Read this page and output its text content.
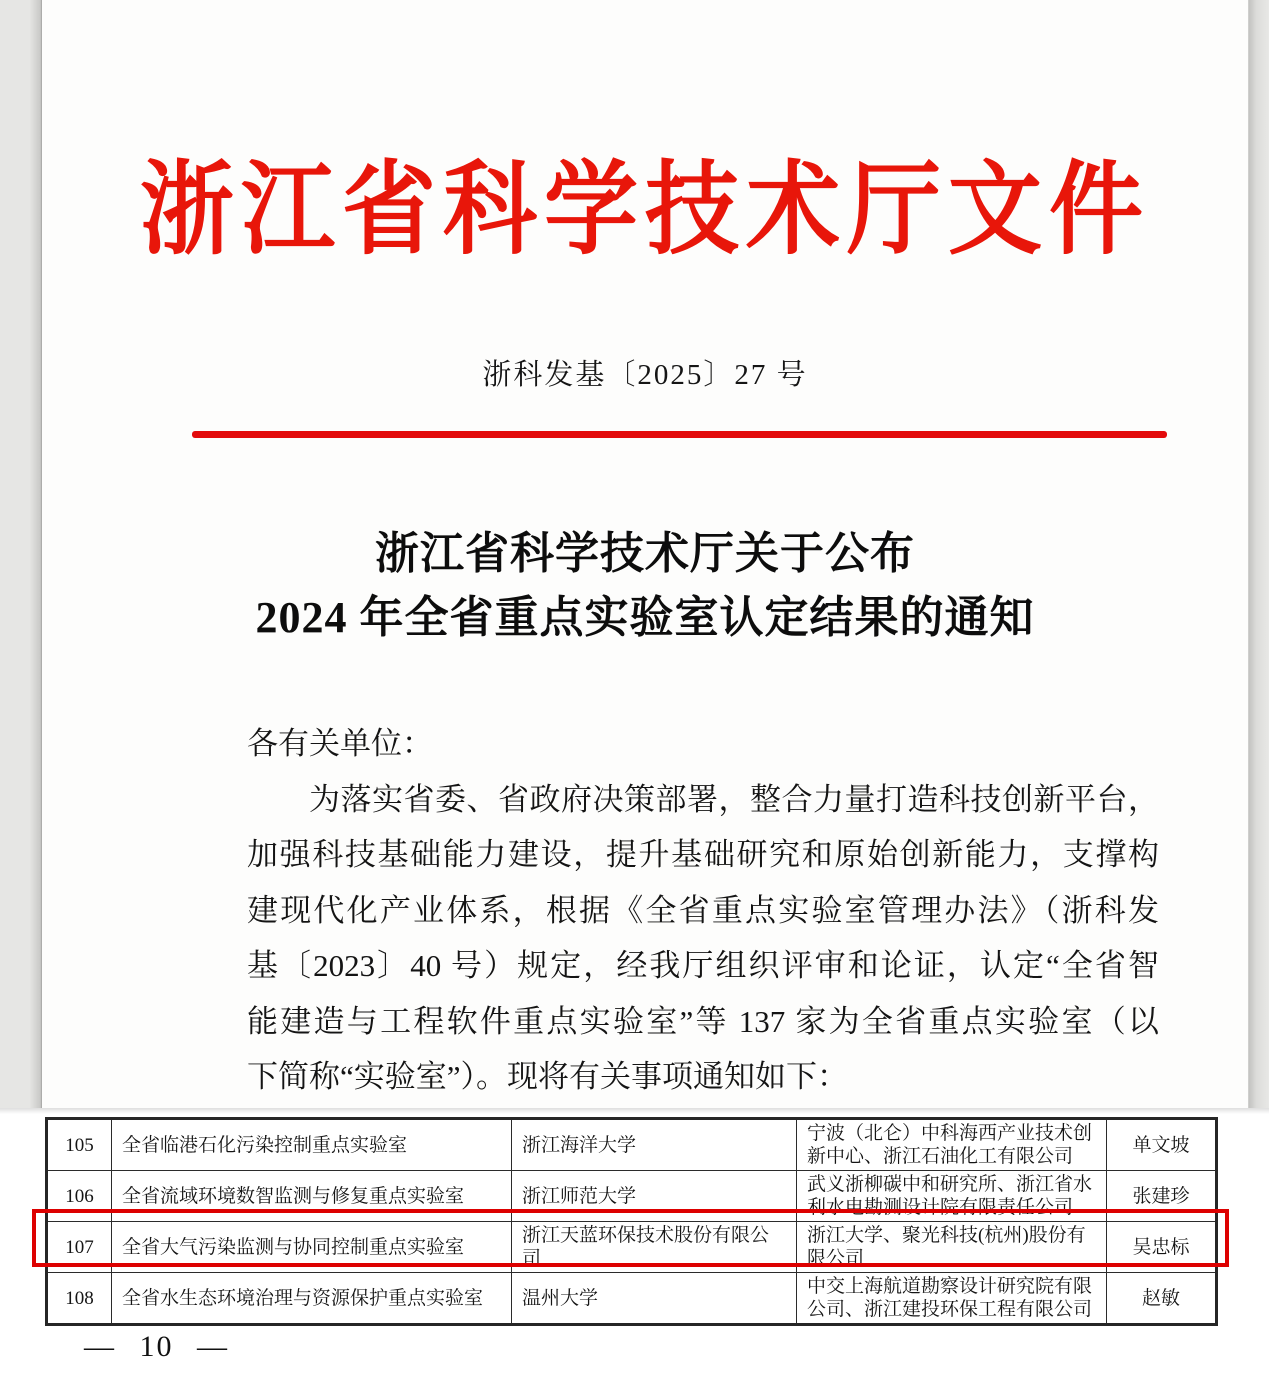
浙江省科学技术厅文件
浙科发基〔2025〕27 号
浙江省科学技术厅关于公布
2024 年全省重点实验室认定结果的通知
各有关单位：
为落实省委、省政府决策部署，整合力量打造科技创新平台，
加强科技基础能力建设，提升基础研究和原始创新能力，支撑构
建现代化产业体系，根据《全省重点实验室管理办法》（浙科发
基〔2023〕40 号）规定，经我厅组织评审和论证，认定“全省智
能建造与工程软件重点实验室”等 137 家为全省重点实验室（以
下简称“实验室”）。现将有关事项通知如下：
105	全省临港石化污染控制重点实验室	浙江海洋大学	宁波（北仑）中科海西产业技术创新中心、浙江石油化工有限公司	单文坡
106	全省流域环境数智监测与修复重点实验室	浙江师范大学	武义浙柳碳中和研究所、浙江省水利水电勘测设计院有限责任公司	张建珍
107	全省大气污染监测与协同控制重点实验室	浙江天蓝环保技术股份有限公司	浙江大学、聚光科技(杭州)股份有限公司	吴忠标
108	全省水生态环境治理与资源保护重点实验室	温州大学	中交上海航道勘察设计研究院有限公司、浙江建投环保工程有限公司	赵敏
— 10 —
